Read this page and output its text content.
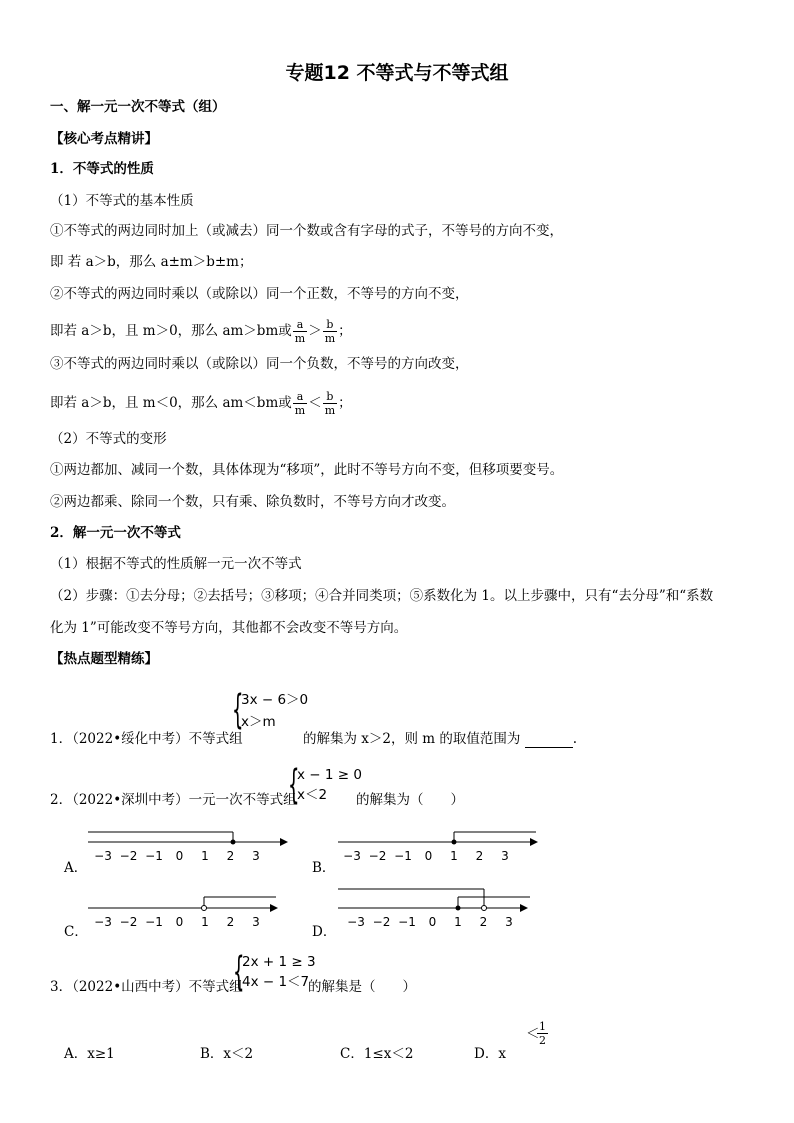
专题12 不等式与不等式组
一、解一元一次不等式（组）
【核心考点精讲】
1．不等式的性质
（1）不等式的基本性质
①不等式的两边同时加上（或减去）同一个数或含有字母的式子，不等号的方向不变，
即 若 a＞b，那么 a±m＞b±m；
②不等式的两边同时乘以（或除以）同一个正数，不等号的方向不变，
即若 a＞b，且 m＞0，那么 am＞bm或 $\frac{a}{m} > \frac{b}{m}$ ；
③不等式的两边同时乘以（或除以）同一个负数，不等号的方向改变，
即若 a＞b，且 m＜0，那么 am＜bm或 $\frac{a}{m} < \frac{b}{m}$ ；
（2）不等式的变形
①两边都加、减同一个数，具体体现为“移项”，此时不等号方向不变，但移项要变号。
②两边都乘、除同一个数，只有乘、除负数时，不等号方向才改变。
2．解一元一次不等式
（1）根据不等式的性质解一元一次不等式
（2）步骤：①去分母；②去括号；③移项；④合并同类项；⑤系数化为 1。以上步骤中，只有“去分母”和“系数
化为 1”可能改变不等号方向，其他都不会改变不等号方向。
【热点题型精练】
1．（2022•绥化中考）不等式组
{
3x − 6＞0
x＞m
的解集为 x＞2，则 m 的取值范围为	.
2．（2022•深圳中考）一元一次不等式组
{
x − 1 ≥ 0
x＜2 的解集为（　　）
A．	B．
C．	D．
−3 −2 −1 0 1 2 3	−3 −2 −1 0 1 2 3
−3 −2 −1 0 1 2 3	−3 −2 −1 0 1 2 3
3．（2022•山西中考）不等式组
{
2x + 1 ≥ 3
4x − 1＜7
的解集是（　　）
A．x≥1	B．x＜2	C．1≤x＜2	D．x
＜
$\frac{1}{2}$
